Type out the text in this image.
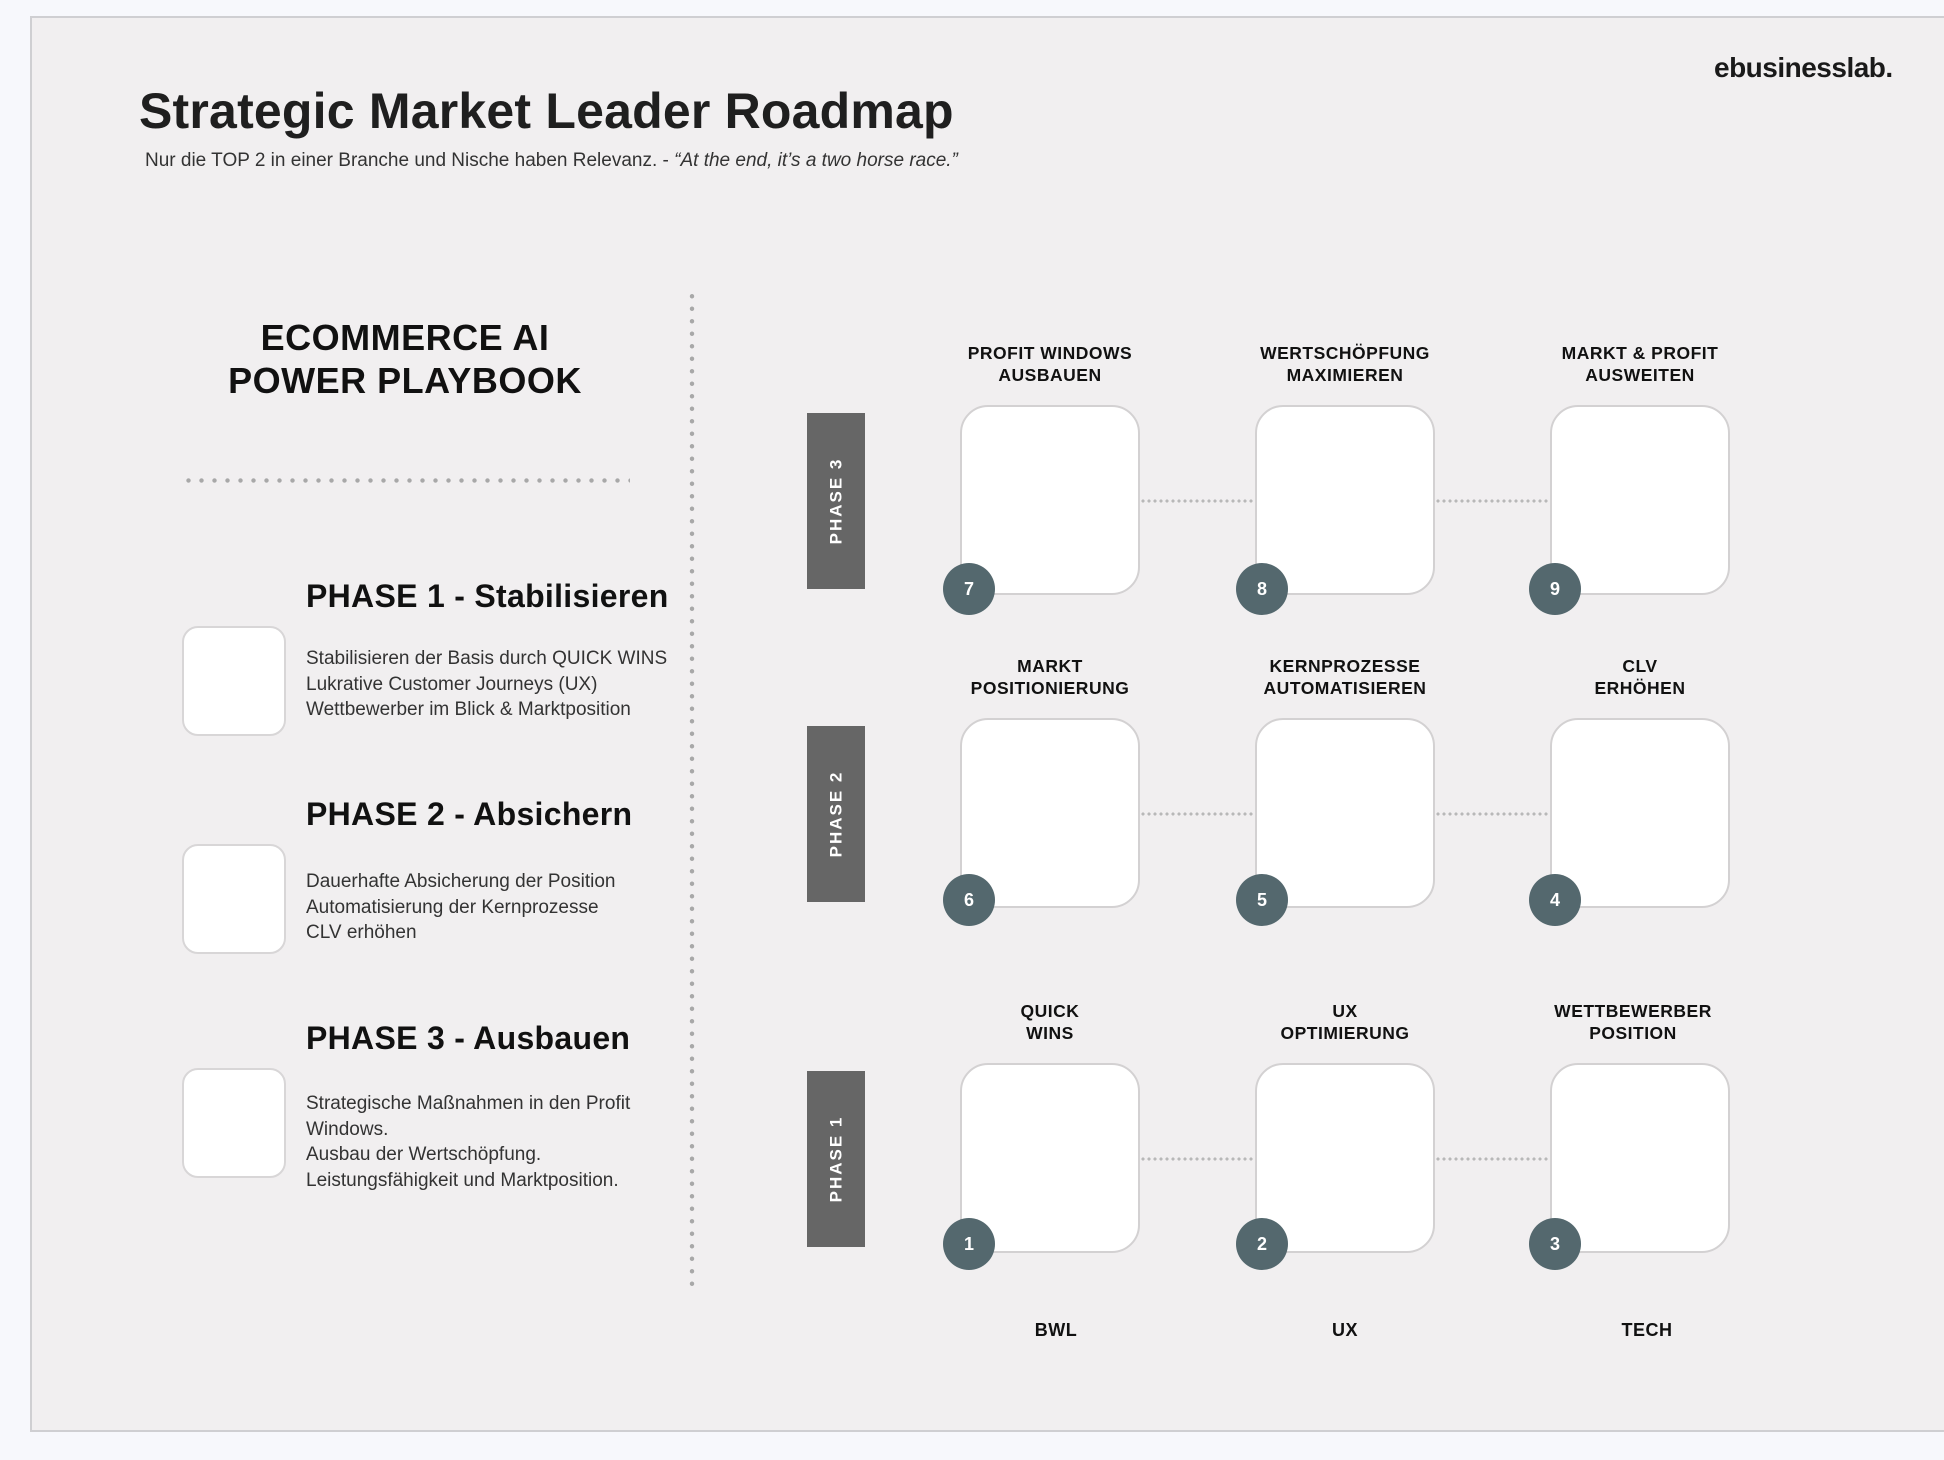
ebusinesslab.
Strategic Market Leader Roadmap
Nur die TOP 2 in einer Branche und Nische haben Relevanz. - “At the end, it’s a two horse race.”
ECOMMERCE AI
POWER PLAYBOOK
PHASE 1 - Stabilisieren
Stabilisieren der Basis durch QUICK WINS
Lukrative Customer Journeys (UX)
Wettbewerber im Blick & Marktposition
PHASE 2 - Absichern
Dauerhafte Absicherung der Position
Automatisierung der Kernprozesse
CLV erhöhen
PHASE 3 - Ausbauen
Strategische Maßnahmen in den Profit
Windows.
Ausbau der Wertschöpfung.
Leistungsfähigkeit und Marktposition.
PHASE 3
PHASE 2
PHASE 1
PROFIT WINDOWS
AUSBAUEN
WERTSCHÖPFUNG
MAXIMIEREN
MARKT & PROFIT
AUSWEITEN
7	8	9
MARKT
POSITIONIERUNG
KERNPROZESSE
AUTOMATISIEREN
CLV
ERHÖHEN
6	5	4
QUICK
WINS
UX
OPTIMIERUNG
WETTBEWERBER
POSITION
1	2	3
BWL	UX	TECH
